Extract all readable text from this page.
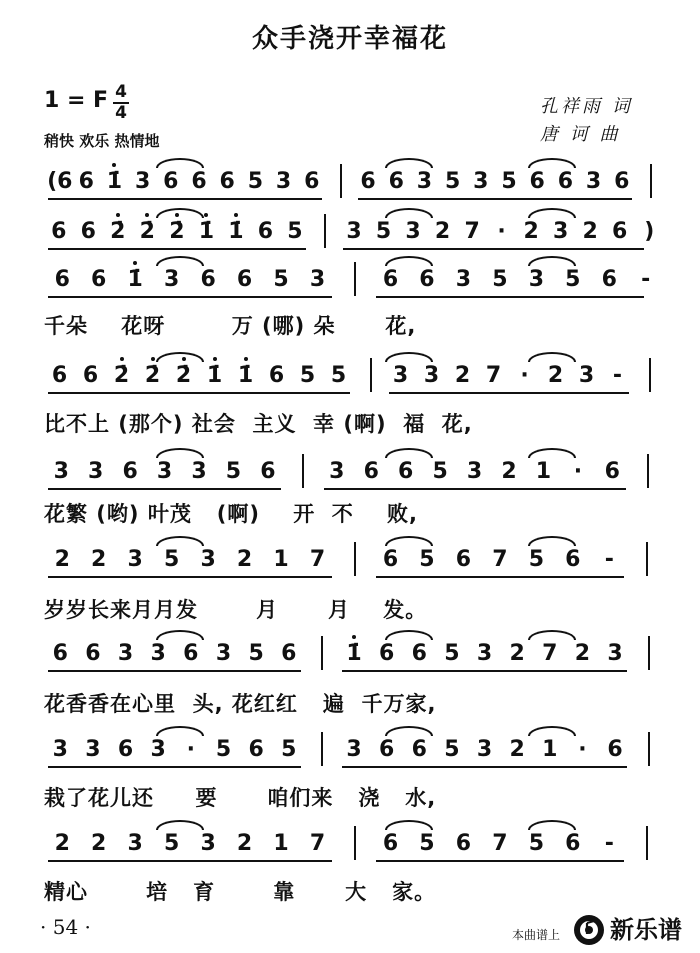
众手浇开幸福花
1 = F 4
4
稍快 欢乐 热情地
孔祥雨 词
唐 诃 曲
(6 6 1̇ 3 6 6 6 5 3 6 6 6 3 5 3 5 6 6 3 6
6 6 2̇ 2̇ 2̇ 1̇ 1̇ 6 5 3 5 3 2 7 · 2 3 2 6 )
6 6 1̇ 3 6 6 5 3	6 6 3 5 3 5 6 -
6 6 2̇ 2̇ 2̇ 1̇ 1̇ 6 5 5 3 3 2 7 · 2 3 -
3 3 6 3 3 5 6 3 6 6 5 3 2 1	·	6
2 2 3 5 3 2 1 7	6 5 6 7 5 6 -
6 6 3 3 6 3 5 6 1̇ 6 6 5 3 2 7 2 3
3 3 6 3 · 5 6 5 3 6 6 5 3 2 1 · 6
2 2 3 5 3 2 1 7	6 5 6 7 5 6 -
千朵    花呀        万 (哪) 朵      花,
比不上 (那个) 社会  主义  幸 (啊)  福  花,
花繁 (哟) 叶茂   (啊)    开  不    败,
岁岁长来月月发       月      月    发。
花香香在心里  头, 花红红   遍  千万家,
栽了花儿还     要      咱们来   浇   水,
精心       培   育       靠      大   家。
· 54 ·	本曲谱上 新乐谱
